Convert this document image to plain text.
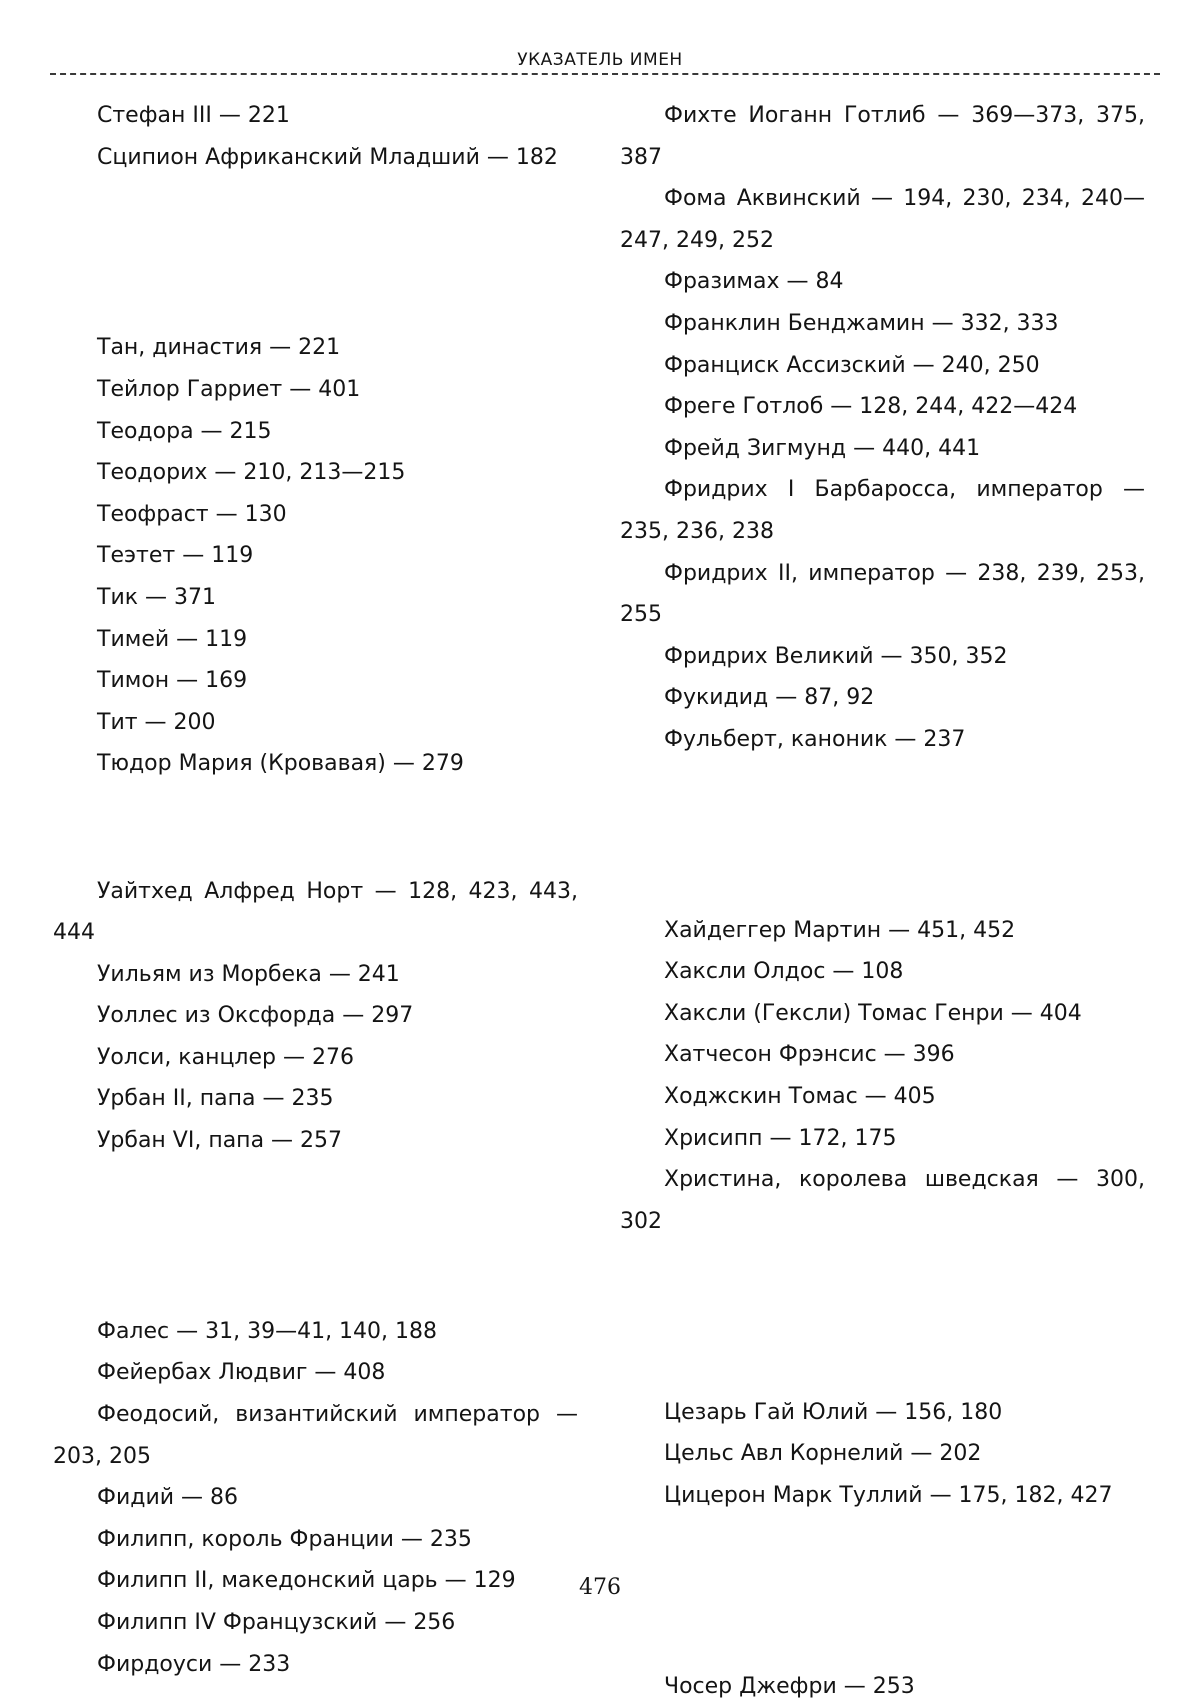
УКАЗАТЕЛЬ ИМЕН

Стефан III — 221

Сципион Африканский Младший — 182

Тан, династия — 221

Тейлор Гарриет — 401

Теодора — 215

Теодорих — 210, 213—215

Теофраст — 130

Теэтет — 119

Тик — 371

Тимей — 119

Тимон — 169

Тит — 200

Тюдор Мария (Кровавая) — 279

Уайтхед Алфред Норт — 128, 423, 443, 444

Уильям из Морбека — 241

Уоллес из Оксфорда — 297

Уолси, канцлер — 276

Урбан II, папа — 235

Урбан VI, папа — 257

Фалес — 31, 39—41, 140, 188

Фейербах Людвиг — 408

Феодосий, византийский император — 203, 205

Фидий — 86

Филипп, король Франции — 235

Филипп II, македонский царь — 129

Филипп IV Французский — 256

Фирдоуси — 233

Фихте Иоганн Готлиб — 369—373, 375, 387

Фома Аквинский — 194, 230, 234, 240—247, 249, 252

Фразимах — 84

Франклин Бенджамин — 332, 333

Франциск Ассизский — 240, 250

Фреге Готлоб — 128, 244, 422—424

Фрейд Зигмунд — 440, 441

Фридрих I Барбаросса, император — 235, 236, 238

Фридрих II, император — 238, 239, 253, 255

Фридрих Великий — 350, 352

Фукидид — 87, 92

Фульберт, каноник — 237

Хайдеггер Мартин — 451, 452

Хаксли Олдос — 108

Хаксли (Гексли) Томас Генри — 404

Хатчесон Фрэнсис — 396

Ходжскин Томас — 405

Хрисипп — 172, 175

Христина, королева шведская — 300, 302

Цезарь Гай Юлий — 156, 180

Цельс Авл Корнелий — 202

Цицерон Марк Туллий — 175, 182, 427

Чосер Джефри — 253

476
